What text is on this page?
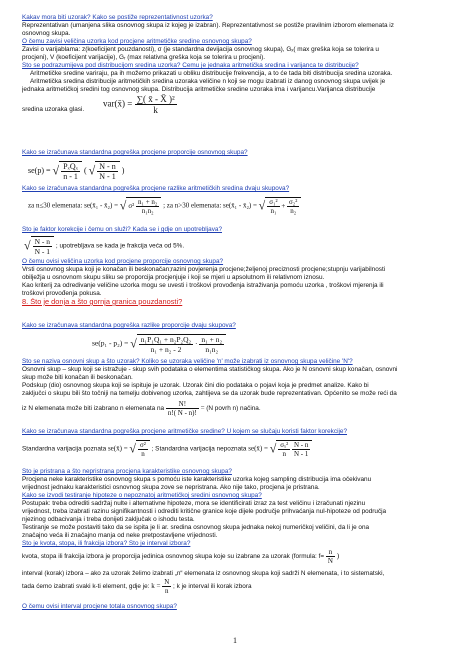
Kakav mora biti uzorak? Kako se postiže reprezentativnost uzorka?
Reprezentativan (umanjena slika osnovnog skupa iz kojeg je izabran). Reprezentativnost se postiže pravilnim izborom elemenata iz
osnovnog skupa.
O čemu zavisi veličina uzorka kod procjene aritmetičke sredine osnovnog skupa?
Zavisi o varijablama: z(koeficijent pouzdanosti), σ (je standardna devijacija osnovnog skupa), Gₓ( max greška koja se tolerira u
procjeni), V (koeficijent varijacije), Gᵣ (max relativna greška koja se tolerira u procjeni).
Što se podrazumijeva pod distribucijom sredina uzorka? Čemu je jednaka aritmetička sredina i varijanca te distribucije?
Aritmetičke sredine variraju, pa ih možemo prikazati u obliku distribucije frekvencija, a to će tada biti distribucija sredina uzoraka.
Aritmetička sredina distribucije aritmetičkih sredina uzoraka veličine n koji se mogu izabrati iz danog osnovnog skupa uvijek je
jednaka aritmetičkoj sredini tog osnovnog skupa. Distribucija aritmetičke sredine uzoraka ima i varijancu.Varijanca distribucije
sredina uzoraka glasi.
var(x̄) = $\frac{\text{∑( x̄ - X̄ )²}}{k}$
Kako se izračunava standardna pogreška procjene proporcije osnovnog skupa?
se(p) = √ $\frac{\text{PₓQₓ}}{n - 1}$ ( √ $\frac{N - n}{N - 1}$ )
Kako se izračunava standardna pogreška procjene razlike aritmetičkih sredina dvaju skupova?
za n≤30 elemenata: se(x̄₁ - x̄₂) = √ $\sigma^2 \frac{\text{n₁ + n₂}}{\text{n₁n₂}}$ ; za n>30 elemenata: se(x̄₁ - x̄₂) = √ $\frac{\text{σ₁²}}{\text{n₁}} + \frac{\text{σ₂²}}{\text{n₂}}$
Što je faktor korekcije i čemu on služi? Kada se i gdje on upotrebljava?
√ $\frac{N - n}{N - 1}$ ; upotrebljava se kada je frakcija veća od 5%.
O čemu ovisi veličina uzorka kod procjene proporcije osnovnog skupa?
Vrsti osnovnog skupa koji je konačan ili beskonačan;razini povjerenja procjene;željenoj preciznosti procjene;stupnju varijabilnosti
obilježja u osnovnom skupu sliku se proporcija procjenjuje i koji se mjeri u apsolutnom ili relativnom iznosu.
Kao kriterij za odredivanje veličine uzorka mogu se uvesti i troškovi provođenja istraživanja pomoću uzorka , troškovi mjerenja ili
troškovi provođenja pokusa.
8. Što je donja a što gornja granica pouzdanosti?
Kako se izračunava standardna pogreška razlike proporcije dvaju skupova?
se(p₁ - p₂) = √ $\frac{\text{n₁P₁Q₁ + n₂P₂Q₂}}{\text{n₁ + n₂ - 2}} \cdot \frac{\text{n₁ + n₂}}{\text{n₁n₂}}$
Što se naziva osnovni skup a što uzorak? Koliko se uzoraka veličine 'n' može izabrati iz osnovnog skupa veličine 'N'?
Osnovni skup – skup koji se istražuje - skup svih podataka o elementima statističkog skupa. Ako je N osnovni skup konačan, osnovni
skup može biti konačan ili beskonačan.
Podskup (dio) osnovnog skupa koji se ispituje je uzorak. Uzorak čini dio podataka o pojavi koja je predmet analize. Kako bi
zaključci o skupu bili što točniji na temelju dobivenog uzorka, zahtijeva se da uzorak bude reprezentativan. Općenito se može reći da
iz N elemenata može biti izabrano n elemenata na $\frac{N!}{n!( N - n)!} = (N$ povrh n) načina.
Kako se izračunava standardna pogreška procjene aritmetičke sredine? U kojem se slučaju koristi faktor korekcije?
Standardna varijacija poznata se(x̄) = √ $\frac{\text{σ²}}{n}$ ; Standardna varijacija nepoznata se(x̄) = √ $\frac{\text{σₓ²}}{n}$
$\frac{N - n}{N - 1}$
Što je pristrana a što nepristrana procjena karakteristike osnovnog skupa?
Procjena neke karakteristike osnovnog skupa s pomoću iste karakteristike uzorka kojeg sampling distribucija ima očekivanu
vrijednost jednaku karakteristici osnovnog skupa zove se nepristrana. Ako nije tako, procjena je pristrana.
Kako se izvodi testiranje hipoteze o nepoznatoj aritmetičkoj sredini osnovnog skupa?
Postupak: treba odrediti sadržaj nulte i alternativne hipoteze, mora se identificirati izraz za test veličinu i izračunati njezinu
vrijednost, treba izabrati razinu signifikantnosti i odrediti kritične granice koje dijele područje prihvaćanja nul-hipoteze od područja
njezinog odbacivanja i treba donijeti zaključak o ishodu testa.
Testiranje se može postaviti tako da se ispita je li ar. sredina osnovnog skupa jednaka nekoj numeričkoj veličini, da li je ona
značajno veća ili značajno manja od neke pretpostavljene vrijednosti.
Što je kvota, stopa, ili frakcija izbora? Što je interval izbora?
kvota, stopa ili frakcija izbora je proporcija jedinica osnovnog skupa koje su izabrane za uzorak (formula: $f= \frac{n}{N}$ )
interval (korak) izbora – ako za uzorak želimo izabrati „n“ elemenata iz osnovnog skupa koji sadrži N elemenata, i to sistematski,
tada ćemo izabrati svaki k-ti element, gdje je: $k = \frac{N}{n}$ ; k je interval ili korak izbora
O čemu ovisi interval procjene totala osnovnog skupa?
1
